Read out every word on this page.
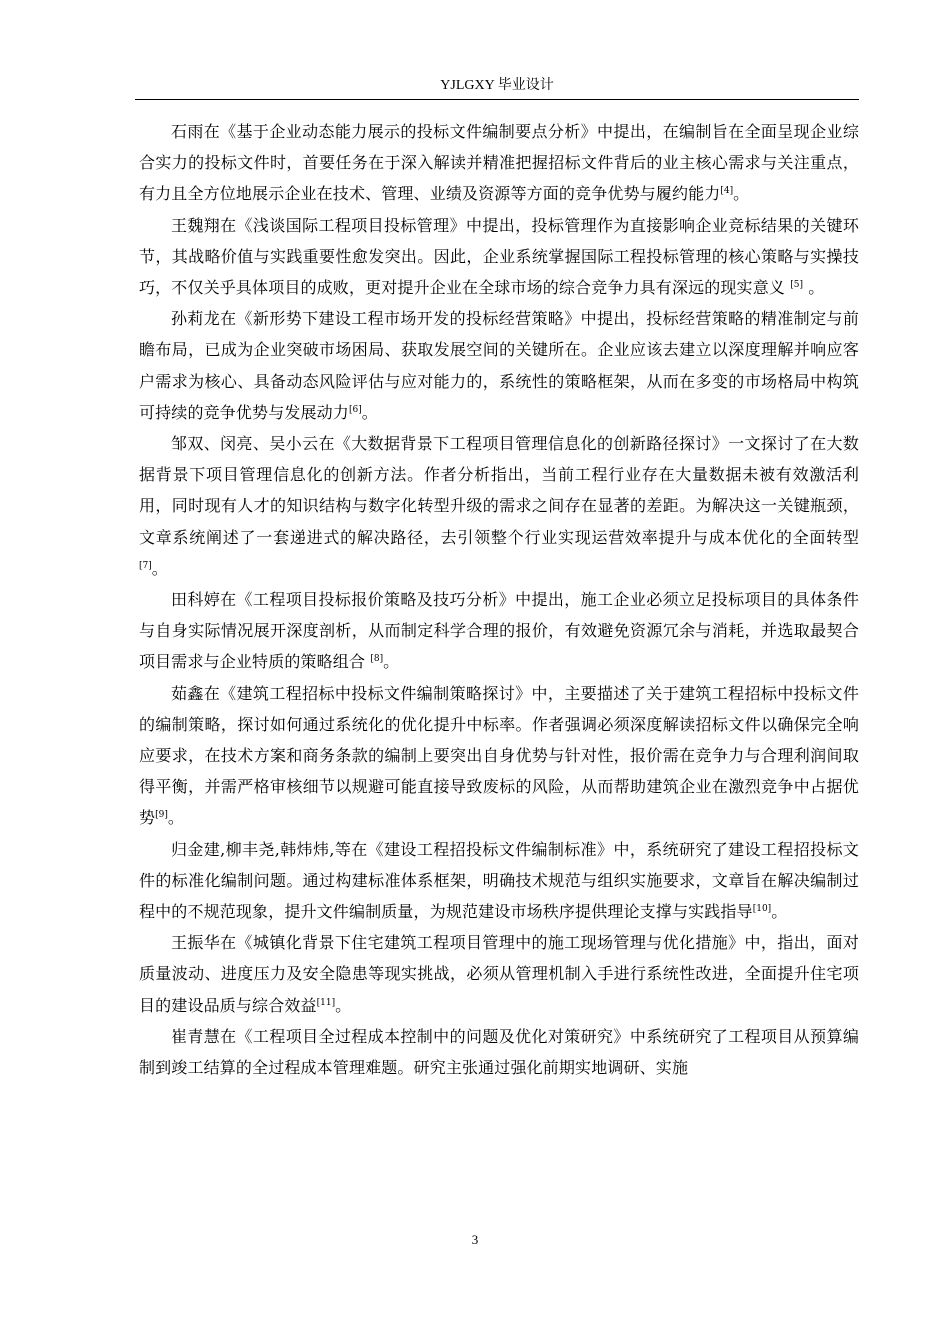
YJLGXY 毕业设计

石雨在《基于企业动态能力展示的投标文件编制要点分析》中提出，在编制旨在全面呈现企业综合实力的投标文件时，首要任务在于深入解读并精准把握招标文件背后的业主核心需求与关注重点，有力且全方位地展示企业在技术、管理、业绩及资源等方面的竞争优势与履约能力[4]。

王魏翔在《浅谈国际工程项目投标管理》中提出，投标管理作为直接影响企业竞标结果的关键环节，其战略价值与实践重要性愈发突出。因此，企业系统掌握国际工程投标管理的核心策略与实操技巧，不仅关乎具体项目的成败，更对提升企业在全球市场的综合竞争力具有深远的现实意义 [5] 。

孙莉龙在《新形势下建设工程市场开发的投标经营策略》中提出，投标经营策略的精准制定与前瞻布局，已成为企业突破市场困局、获取发展空间的关键所在。企业应该去建立以深度理解并响应客户需求为核心、具备动态风险评估与应对能力的，系统性的策略框架，从而在多变的市场格局中构筑可持续的竞争优势与发展动力[6]。

邹双、闵亮、吴小云在《大数据背景下工程项目管理信息化的创新路径探讨》一文探讨了在大数据背景下项目管理信息化的创新方法。作者分析指出，当前工程行业存在大量数据未被有效激活利用，同时现有人才的知识结构与数字化转型升级的需求之间存在显著的差距。为解决这一关键瓶颈，文章系统阐述了一套递进式的解决路径，去引领整个行业实现运营效率提升与成本优化的全面转型[7]。

田科婷在《工程项目投标报价策略及技巧分析》中提出，施工企业必须立足投标项目的具体条件与自身实际情况展开深度剖析，从而制定科学合理的报价，有效避免资源冗余与消耗，并选取最契合项目需求与企业特质的策略组合 [8]。

茹鑫在《建筑工程招标中投标文件编制策略探讨》中，主要描述了关于建筑工程招标中投标文件的编制策略，探讨如何通过系统化的优化提升中标率。作者强调必须深度解读招标文件以确保完全响应要求，在技术方案和商务条款的编制上要突出自身优势与针对性，报价需在竞争力与合理利润间取得平衡，并需严格审核细节以规避可能直接导致废标的风险，从而帮助建筑企业在激烈竞争中占据优势[9]。

归金建,柳丰尧,韩炜炜,等在《建设工程招投标文件编制标准》中，系统研究了建设工程招投标文件的标准化编制问题。通过构建标准体系框架，明确技术规范与组织实施要求，文章旨在解决编制过程中的不规范现象，提升文件编制质量，为规范建设市场秩序提供理论支撑与实践指导[10]。

王振华在《城镇化背景下住宅建筑工程项目管理中的施工现场管理与优化措施》中，指出，面对质量波动、进度压力及安全隐患等现实挑战，必须从管理机制入手进行系统性改进，全面提升住宅项目的建设品质与综合效益[11]。

崔青慧在《工程项目全过程成本控制中的问题及优化对策研究》中系统研究了工程项目从预算编制到竣工结算的全过程成本管理难题。研究主张通过强化前期实地调研、实施

3
